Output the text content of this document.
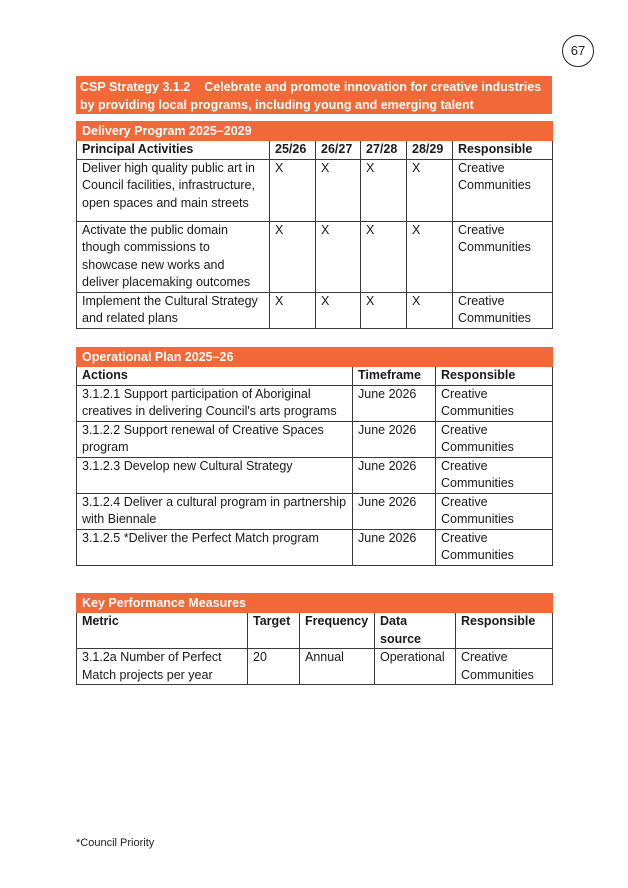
67
CSP Strategy 3.1.2 Celebrate and promote innovation for creative industries by providing local programs, including young and emerging talent
Delivery Program 2025–2029					
Principal Activities	25/26	26/27	27/28	28/29	Responsible
Deliver high quality public art in Council facilities, infrastructure, open spaces and main streets	X	X	X	X	Creative Communities
Activate the public domain though commissions to showcase new works and deliver placemaking outcomes	X	X	X	X	Creative Communities
Implement the Cultural Strategy and related plans	X	X	X	X	Creative Communities
Operational Plan 2025–26		
Actions	Timeframe	Responsible
3.1.2.1 Support participation of Aboriginal creatives in delivering Council's arts programs	June 2026	Creative Communities
3.1.2.2 Support renewal of Creative Spaces program	June 2026	Creative Communities
3.1.2.3 Develop new Cultural Strategy	June 2026	Creative Communities
3.1.2.4 Deliver a cultural program in partnership with Biennale	June 2026	Creative Communities
3.1.2.5 *Deliver the Perfect Match program	June 2026	Creative Communities
Key Performance Measures				
Metric	Target	Frequency	Data source	Responsible
3.1.2a Number of Perfect Match projects per year	20	Annual	Operational	Creative Communities
*Council Priority
